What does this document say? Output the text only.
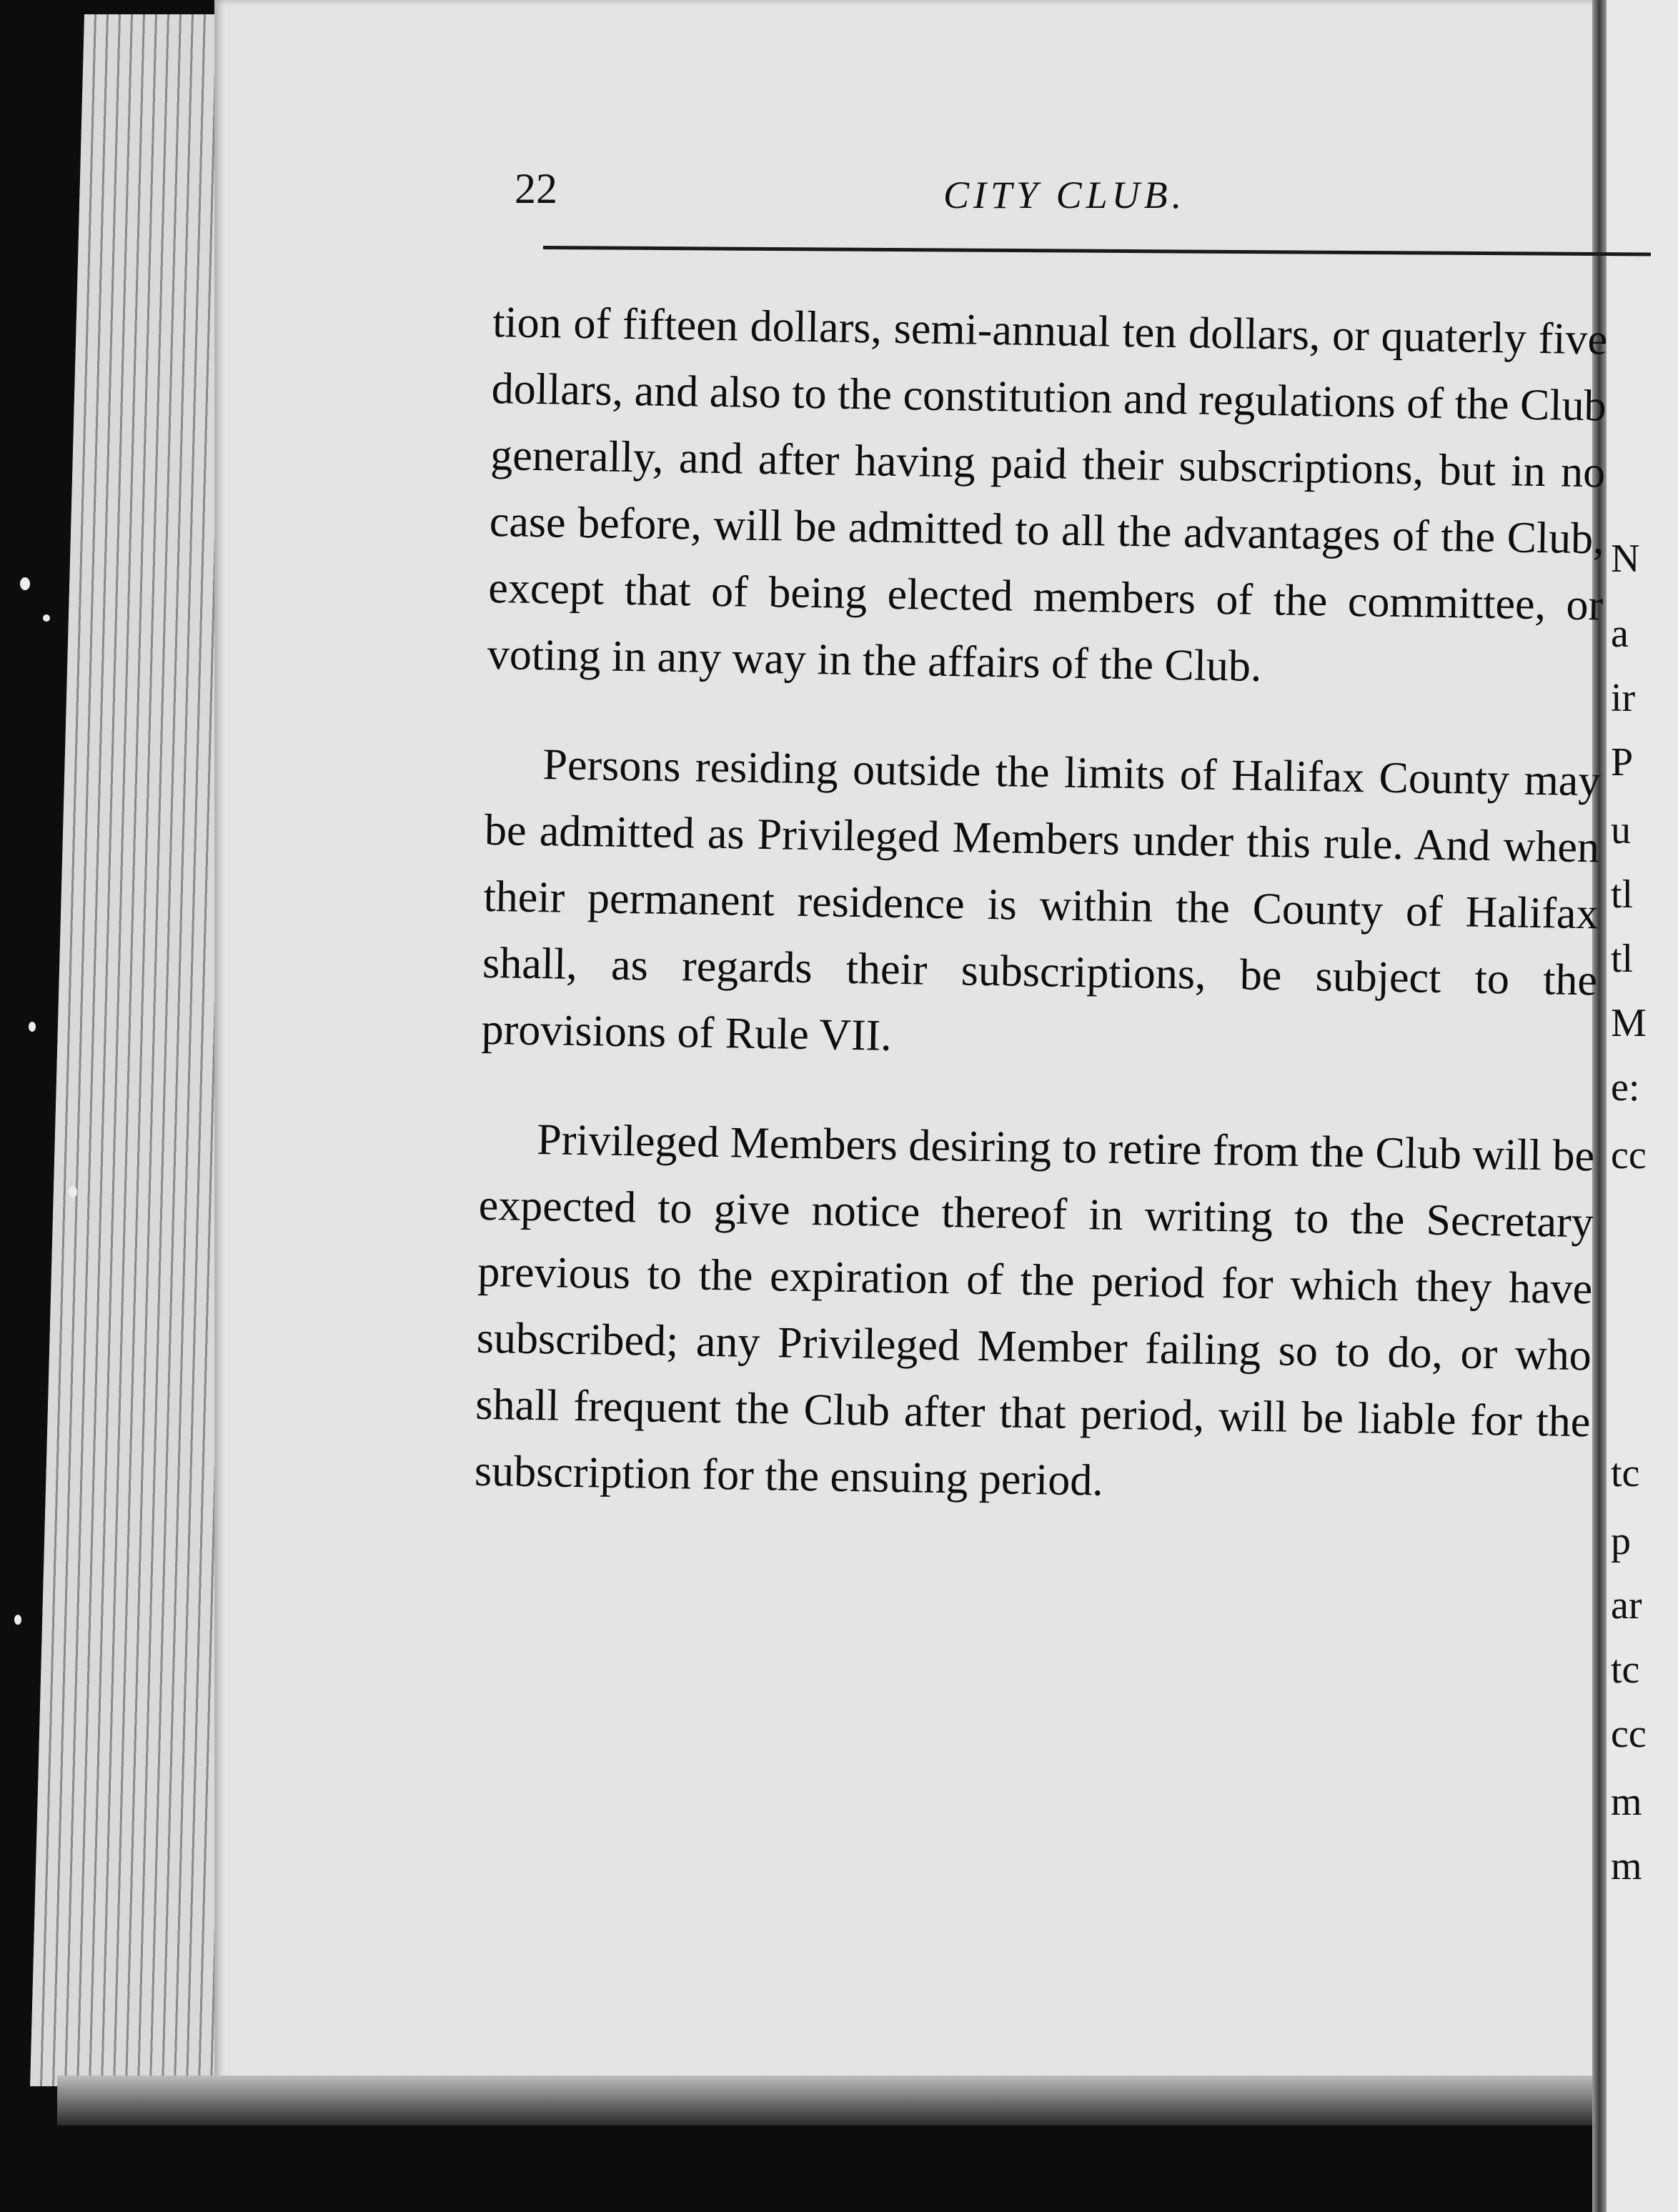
N
a
ir
P
u
tl
tl
M
e:
cc
tc
p
ar
tc
cc
m
m
22	CITY CLUB.

tion of fifteen dollars, semi-annual ten dollars, or quaterly five dollars, and also to the constitution and regulations of the Club generally, and after having paid their subscriptions, but in no case before, will be admitted to all the advantages of the Club, except that of being elected members of the committee, or voting in any way in the affairs of the Club.

Persons residing outside the limits of Halifax County may be admitted as Privileged Members under this rule. And when their permanent residence is within the County of Halifax shall, as regards their subscriptions, be subject to the provisions of Rule VII.

Privileged Members desiring to retire from the Club will be expected to give notice thereof in writing to the Secretary previous to the expiration of the period for which they have subscribed; any Privileged Member failing so to do, or who shall frequent the Club after that period, will be liable for the subscription for the ensuing period.
